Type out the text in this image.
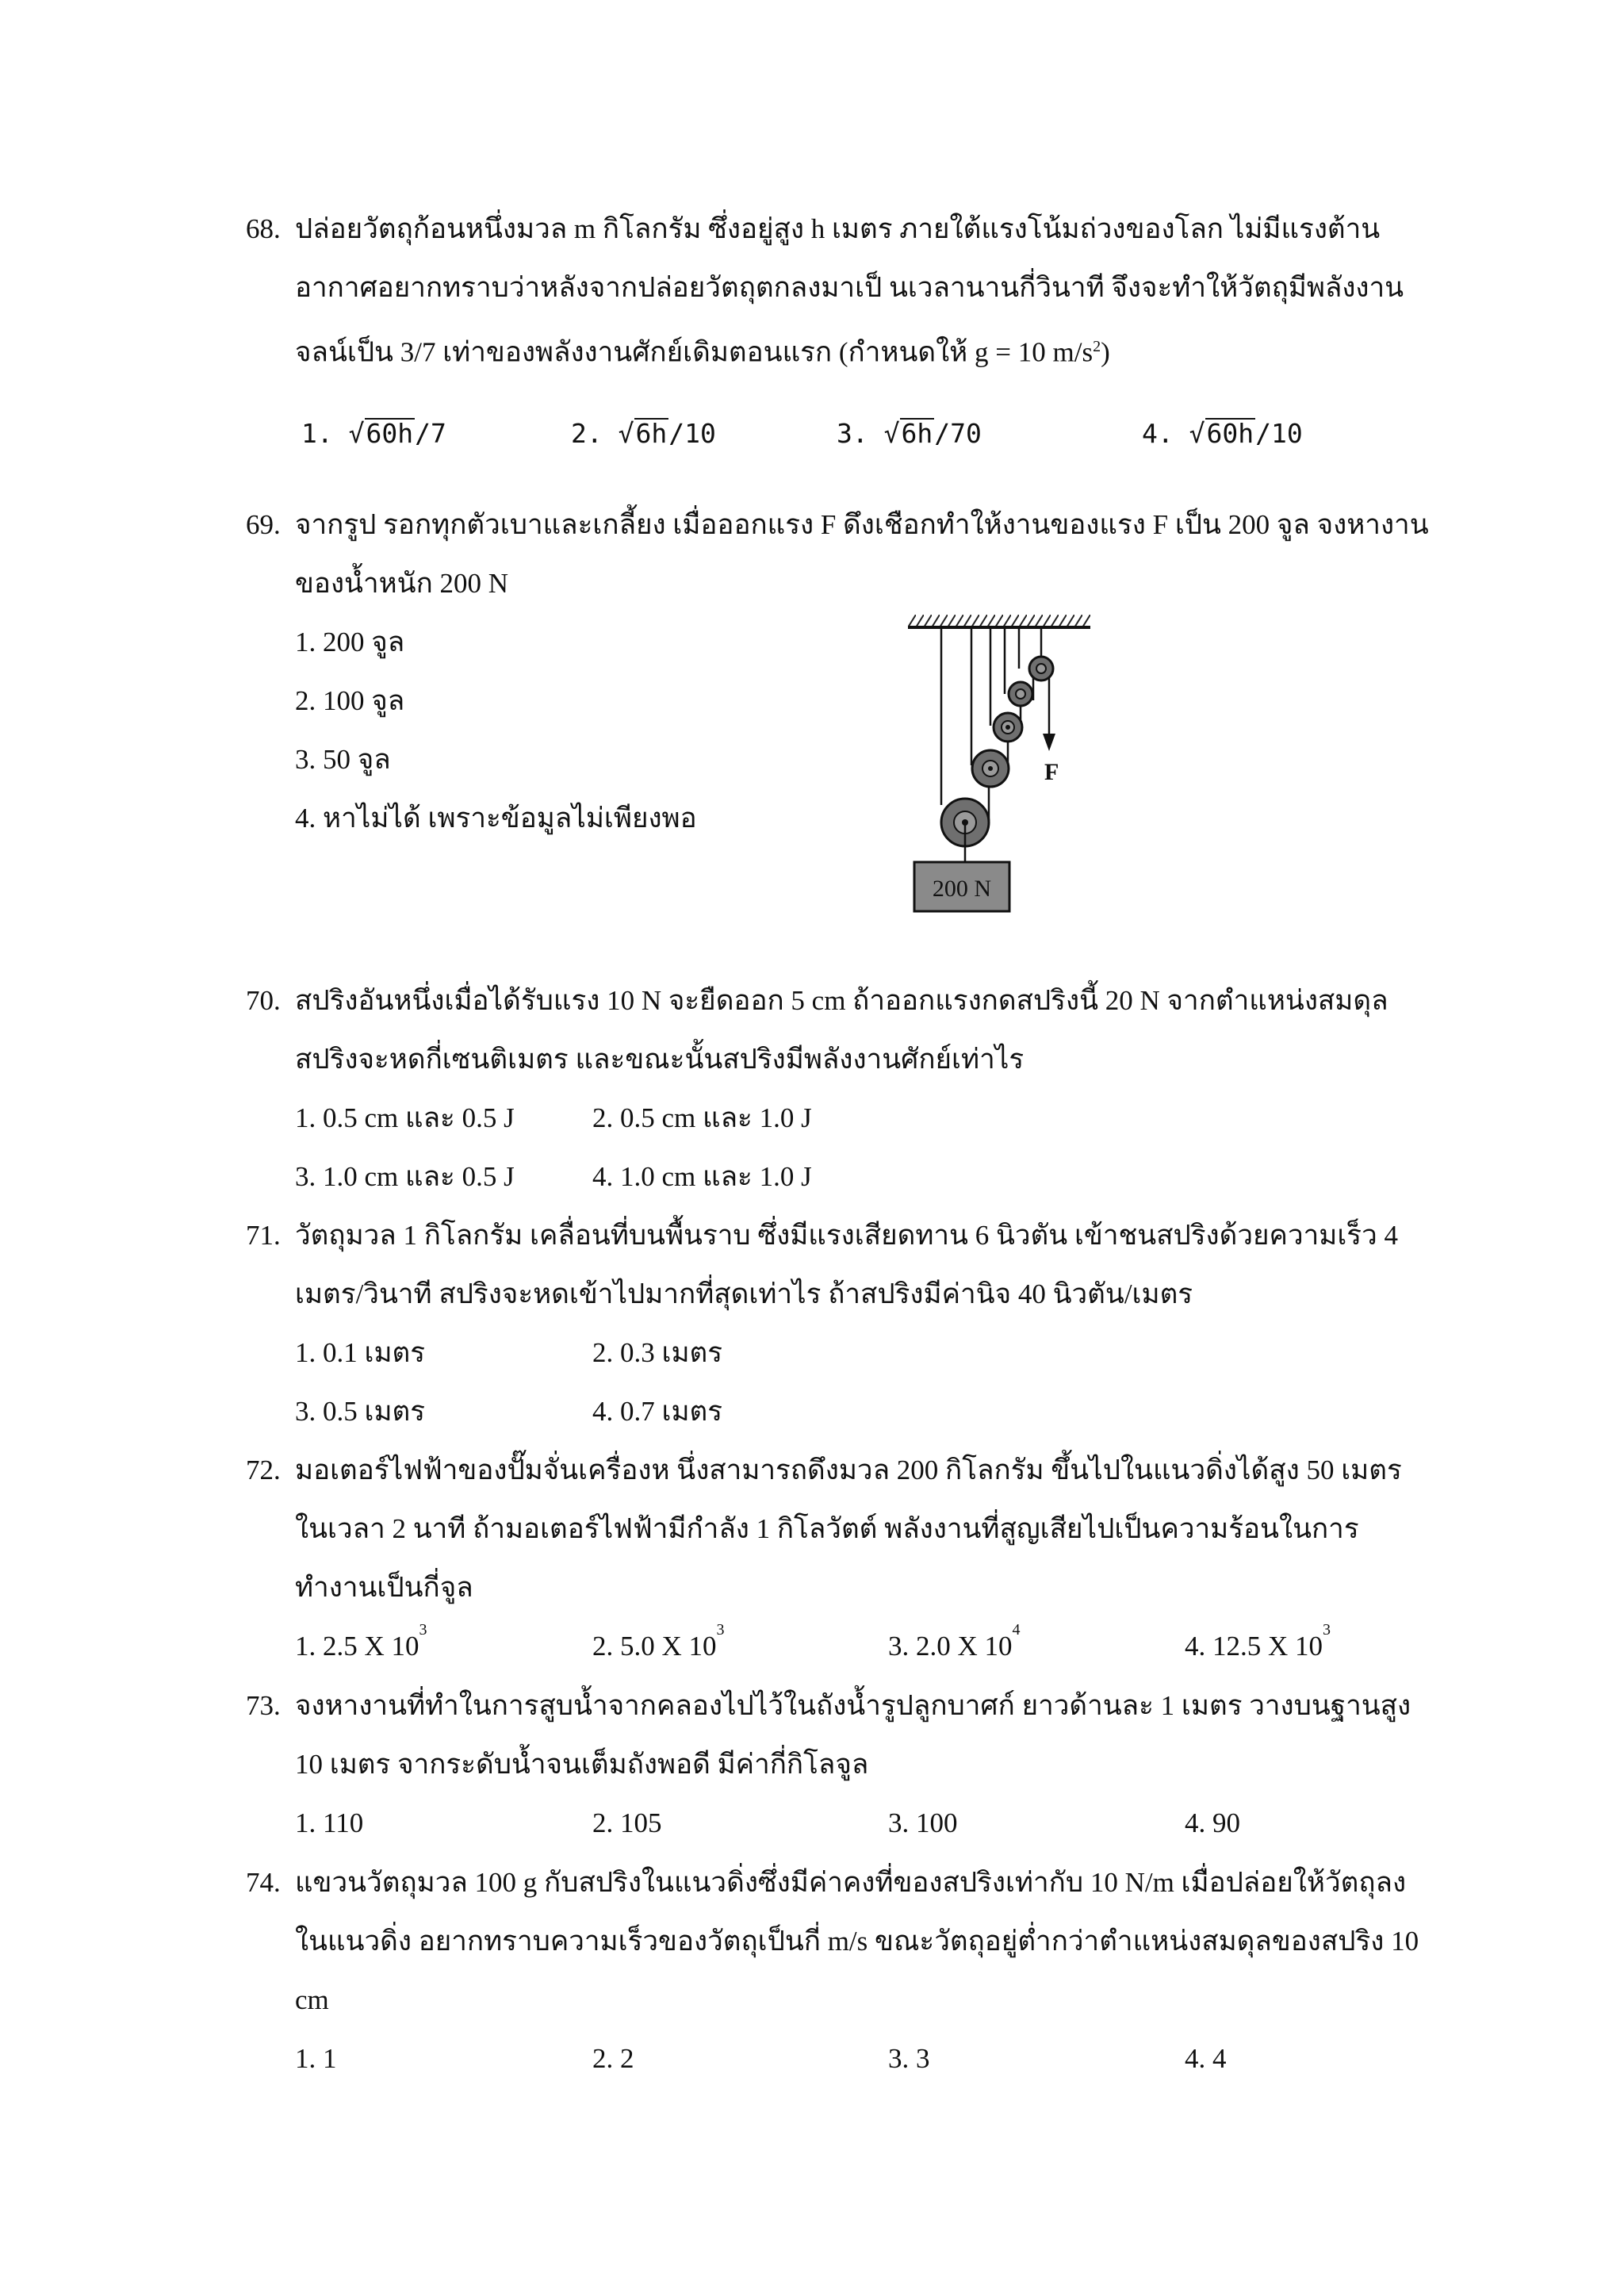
68. ปล่อยวัตถุก้อนหนึ่งมวล m กิโลกรัม ซึ่งอยู่สูง h เมตร ภายใต้แรงโน้มถ่วงของโลก ไม่มีแรงต้าน
อากาศอยากทราบว่าหลังจากปล่อยวัตถุตกลงมาเป็ นเวลานานกี่วินาที จึงจะทำให้วัตถุมีพลังงาน
จลน์เป็น 3/7 เท่าของพลังงานศักย์เดิมตอนแรก (กำหนดให้ g = 10 $m/s^2$)
1. √60h/7	2. √6h/10	3. √6h/70	4. √60h/10
69. จากรูป รอกทุกตัวเบาและเกลี้ยง เมื่อออกแรง F ดึงเชือกทำให้งานของแรง F เป็น 200 จูล จงหางาน
ของน้ำหนัก 200 N
1. 200 จูล
2. 100 จูล
3. 50 จูล
4. หาไม่ได้ เพราะข้อมูลไม่เพียงพอ
200 N
F
70. สปริงอันหนึ่งเมื่อได้รับแรง 10 N จะยืดออก 5 cm ถ้าออกแรงกดสปริงนี้ 20 N จากตำแหน่งสมดุล
สปริงจะหดกี่เซนติเมตร และขณะนั้นสปริงมีพลังงานศักย์เท่าไร
1. 0.5 cm และ 0.5 J	2. 0.5 cm และ 1.0 J
3. 1.0 cm และ 0.5 J	4. 1.0 cm และ 1.0 J
71. วัตถุมวล 1 กิโลกรัม เคลื่อนที่บนพื้นราบ ซึ่งมีแรงเสียดทาน 6 นิวตัน เข้าชนสปริงด้วยความเร็ว 4
เมตร/วินาที สปริงจะหดเข้าไปมากที่สุดเท่าไร ถ้าสปริงมีค่านิจ 40 นิวตัน/เมตร
1. 0.1 เมตร	2. 0.3 เมตร
3. 0.5 เมตร	4. 0.7 เมตร
72. มอเตอร์ไฟฟ้าของปั๊มจั่นเครื่องห นึ่งสามารถดึงมวล 200 กิโลกรัม ขึ้นไปในแนวดิ่งได้สูง 50 เมตร
ในเวลา 2 นาที ถ้ามอเตอร์ไฟฟ้ามีกำลัง 1 กิโลวัตต์ พลังงานที่สูญเสียไปเป็นความร้อนในการ
ทำงานเป็นกี่จูล
1. 2.5 X $10^3$
2. 5.0 X $10^3$
3. 2.0 X $10^4$
4. 12.5 X $10^3$
73. จงหางานที่ทำในการสูบน้ำจากคลองไปไว้ในถังน้ำรูปลูกบาศก์ ยาวด้านละ 1 เมตร วางบนฐานสูง
10 เมตร จากระดับน้ำจนเต็มถังพอดี มีค่ากี่กิโลจูล
1. 110	2. 105	3. 100	4. 90
74. แขวนวัตถุมวล 100 g กับสปริงในแนวดิ่งซึ่งมีค่าคงที่ของสปริงเท่ากับ 10 N/m เมื่อปล่อยให้วัตถุลง
ในแนวดิ่ง อยากทราบความเร็วของวัตถุเป็นกี่ m/s ขณะวัตถุอยู่ต่ำกว่าตำแหน่งสมดุลของสปริง 10
cm
1. 1	2. 2	3. 3	4. 4
